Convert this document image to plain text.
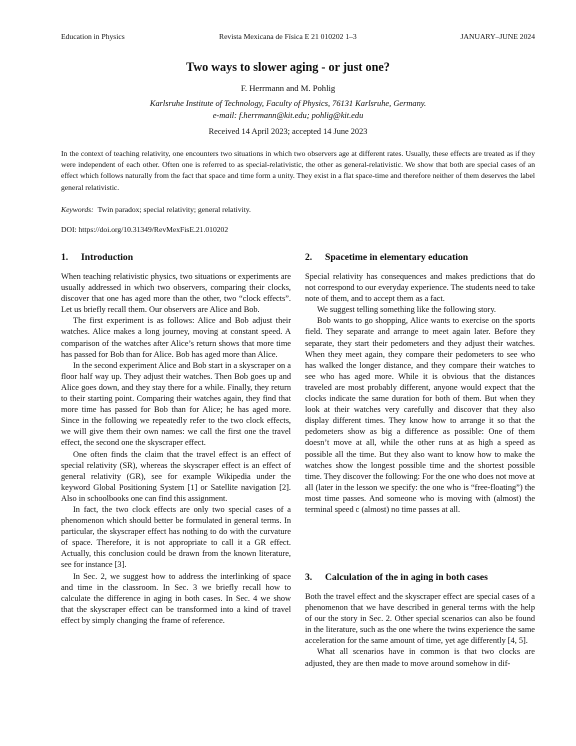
Education in Physics	Revista Mexicana de Física E 21 010202 1–3	JANUARY–JUNE 2024
Two ways to slower aging - or just one?
F. Herrmann and M. Pohlig
Karlsruhe Institute of Technology, Faculty of Physics, 76131 Karlsruhe, Germany.
e-mail: f.herrmann@kit.edu; pohlig@kit.edu
Received 14 April 2023; accepted 14 June 2023
In the context of teaching relativity, one encounters two situations in which two observers age at different rates. Usually, these effects are treated as if they were independent of each other. Often one is referred to as special-relativistic, the other as general-relativistic. We show that both are special cases of an effect which follows naturally from the fact that space and time form a unity. They exist in a flat space-time and therefore neither of them deserves the label general relativistic.
Keywords: Twin paradox; special relativity; general relativity.
DOI: https://doi.org/10.31349/RevMexFisE.21.010202
1. Introduction

When teaching relativistic physics, two situations or experiments are usually addressed in which two observers, comparing their clocks, discover that one has aged more than the other, two “clock effects”. Let us briefly recall them. Our observers are Alice and Bob.

The first experiment is as follows: Alice and Bob adjust their watches. Alice makes a long journey, moving at constant speed. A comparison of the watches after Alice’s return shows that more time has passed for Bob than for Alice. Bob has aged more than Alice.

In the second experiment Alice and Bob start in a skyscraper on a floor half way up. They adjust their watches. Then Bob goes up and Alice goes down, and they stay there for a while. Finally, they return to their starting point. Comparing their watches again, they find that more time has passed for Bob than for Alice; he has aged more. Since in the following we repeatedly refer to the two clock effects, we will give them their own names: we call the first one the travel effect, the second one the skyscraper effect.

One often finds the claim that the travel effect is an effect of special relativity (SR), whereas the skyscraper effect is an effect of general relativity (GR), see for example Wikipedia under the keyword Global Positioning System [1] or Satellite navigation [2]. Also in schoolbooks one can find this assignment.

In fact, the two clock effects are only two special cases of a phenomenon which should better be formulated in general terms. In particular, the skyscraper effect has nothing to do with the curvature of space. Therefore, it is not appropriate to call it a GR effect. Actually, this conclusion could be drawn from the known literature, see for instance [3].

In Sec. 2, we suggest how to address the interlinking of space and time in the classroom. In Sec. 3 we briefly recall how to calculate the difference in aging in both cases. In Sec. 4 we show that the skyscraper effect can be transformed into a kind of travel effect by simply changing the frame of reference.

2. Spacetime in elementary education

Special relativity has consequences and makes predictions that do not correspond to our everyday experience. The students need to take note of them, and to accept them as a fact.

We suggest telling something like the following story.

Bob wants to go shopping, Alice wants to exercise on the sports field. They separate and arrange to meet again later. Before they separate, they start their pedometers and they adjust their watches. When they meet again, they compare their pedometers to see who has walked the longer distance, and they compare their watches to see who has aged more. While it is obvious that the distances traveled are most probably different, anyone would expect that the clocks indicate the same duration for both of them. But when they look at their watches very carefully and discover that they also display different times. They know how to arrange it so that the pedometers show as big a difference as possible: One of them doesn’t move at all, while the other runs at as high a speed as possible all the time. But they also want to know how to make the watches show the longest possible time and the shortest possible time. They discover the following: For the one who does not move at all (later in the lesson we specify: the one who is “free-floating”) the most time passes. And someone who is moving with (almost) the terminal speed c (almost) no time passes at all.

3. Calculation of the in aging in both cases

Both the travel effect and the skyscraper effect are special cases of a phenomenon that we have described in general terms with the help of our the story in Sec. 2. Other special scenarios can also be found in the literature, such as the one where the twins experience the same acceleration for the same amount of time, yet age differently [4, 5].

What all scenarios have in common is that two clocks are adjusted, they are then made to move around somehow in dif-
